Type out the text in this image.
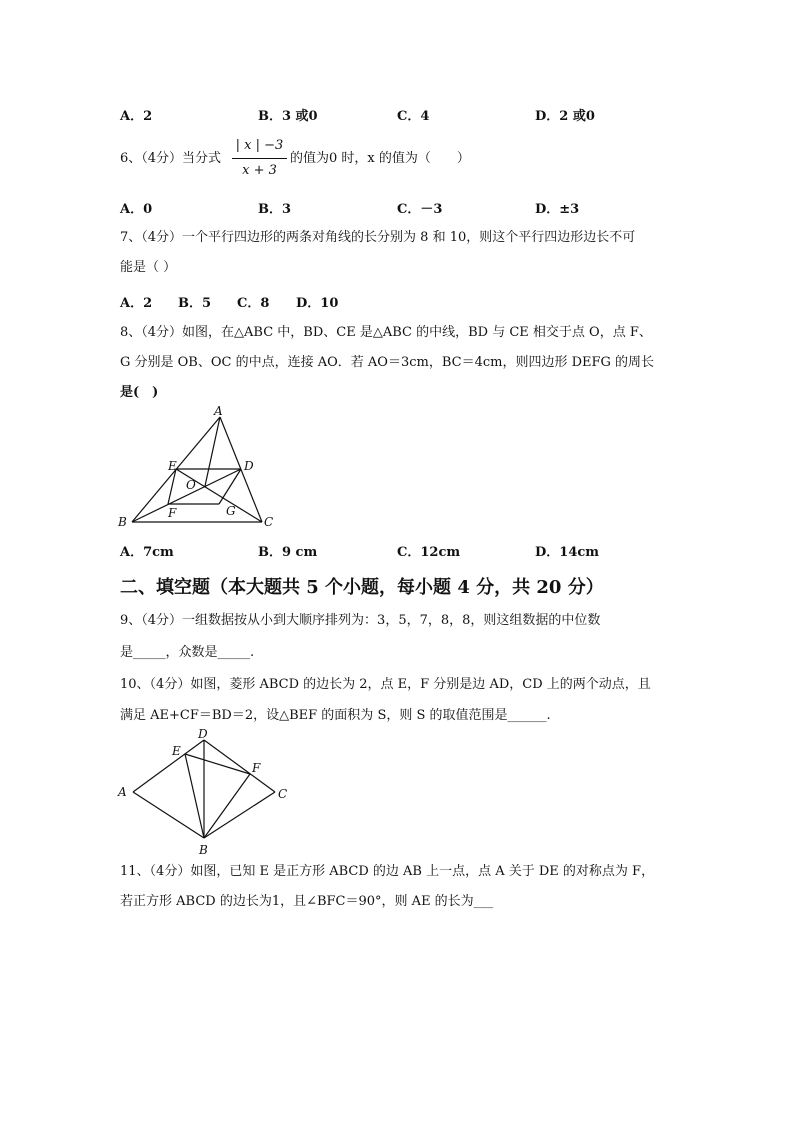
A．2	B．3 或0	C．4	D．2 或0
6、（4分）当分式
| x | −3
x + 3
的值为0 时，x 的值为（　　）
A．0	B．3	C．－3	D．±3
7、（4分）一个平行四边形的两条对角线的长分别为 8 和 10，则这个平行四边形边长不可
能是（ ）
A．2 B．5 C．8 D．10
8、（4分）如图，在△ABC 中，BD、CE 是△ABC 的中线，BD 与 CE 相交于点 O，点 F、
G 分别是 OB、OC 的中点，连接 AO．若 AO＝3cm，BC＝4cm，则四边形 DEFG 的周长
是(　)
A
B	C
D
E
F	G
O
A．7cm	B．9 cm	C．12cm	D．14cm
二、填空题（本大题共 5 个小题，每小题 4 分，共 20 分）
9、（4分）一组数据按从小到大顺序排列为：3，5，7，8，8，则这组数据的中位数
是_____，众数是_____.
10、（4分）如图，菱形 ABCD 的边长为 2，点 E，F 分别是边 AD，CD 上的两个动点，且
满足 AE+CF＝BD＝2，设△BEF 的面积为 S，则 S 的取值范围是______.
A
B
C
D
E
F
11、（4分）如图，已知 E 是正方形 ABCD 的边 AB 上一点，点 A 关于 DE 的对称点为 F，
若正方形 ABCD 的边长为1，且∠BFC＝90°，则 AE 的长为___
